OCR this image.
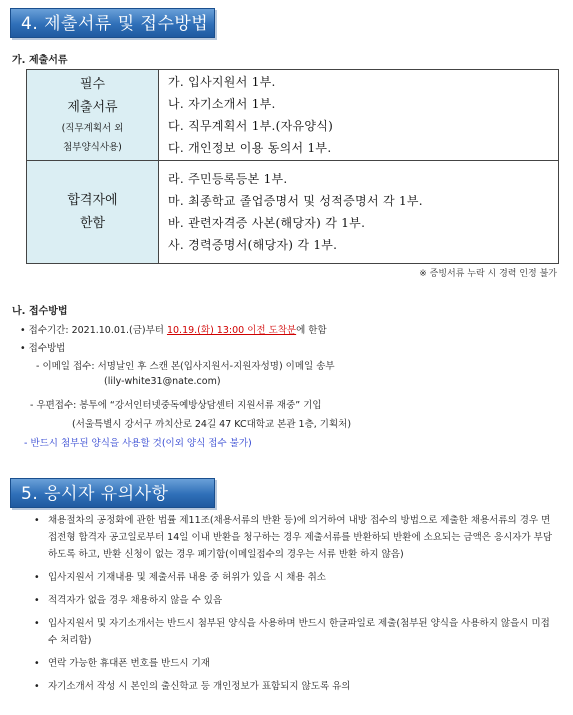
4. 제출서류 및 접수방법
가. 제출서류
필수
제출서류
(직무계획서 외
첨부양식사용)	가. 입사지원서 1부.
나. 자기소개서 1부.
다. 직무계획서 1부.(자유양식)
다. 개인정보 이용 동의서 1부.

합격자에
한함	라. 주민등록등본 1부.
마. 최종학교 졸업증명서 및 성적증명서 각 1부.
바. 관련자격증 사본(해당자) 각 1부.
사. 경력증명서(해당자) 각 1부.
※ 증빙서류 누락 시 경력 인정 불가
나. 접수방법
• 접수기간: 2021.10.01.(금)부터 10.19.(화) 13:00 이전 도착분에 한함
• 접수방법
- 이메일 접수: 서명날인 후 스캔 본(입사지원서-지원자성명) 이메일 송부
(lily-white31@nate.com)
- 우편접수: 봉투에 “강서인터넷중독예방상담센터 지원서류 재중” 기입
(서울특별시 강서구 까치산로 24길 47 KC대학교 본관 1층, 기획처)
- 반드시 첨부된 양식을 사용할 것(이외 양식 접수 불가)
5. 응시자 유의사항
• 채용절차의 공정화에 관한 법률 제11조(채용서류의 반환 등)에 의거하여 내방 접수의 방법으로 제출한 채용서류의 경우 면접전형 합격자 공고일로부터 14일 이내 반환을 청구하는 경우 제출서류를 반환하되 반환에 소요되는 금액은 응시자가 부담하도록 하고, 반환 신청이 없는 경우 폐기함(이메일접수의 경우는 서류 반환 하지 않음)
• 입사지원서 기재내용 및 제출서류 내용 중 허위가 있을 시 채용 취소
• 적격자가 없을 경우 채용하지 않을 수 있음
• 입사지원서 및 자기소개서는 반드시 첨부된 양식을 사용하며 반드시 한글파일로 제출(첨부된 양식을 사용하지 않을시 미접수 처리함)
• 연락 가능한 휴대폰 번호를 반드시 기재
• 자기소개서 작성 시 본인의 출신학교 등 개인정보가 표함되지 않도록 유의
